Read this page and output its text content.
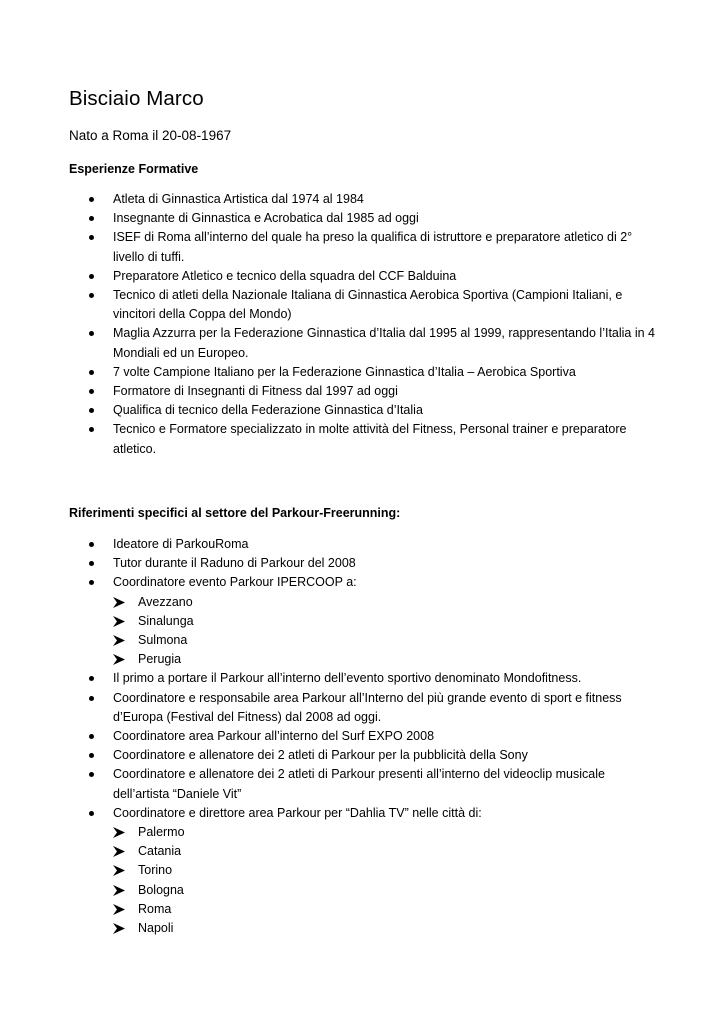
Bisciaio Marco

Nato a Roma il 20-08-1967

Esperienze Formative
Atleta di Ginnastica Artistica dal 1974 al 1984
Insegnante di Ginnastica e Acrobatica dal 1985 ad oggi
ISEF di Roma all’interno del quale ha preso la qualifica di istruttore e preparatore atletico di 2°
livello di tuffi.
Preparatore Atletico e tecnico della squadra del CCF Balduina
Tecnico di atleti della Nazionale Italiana di Ginnastica Aerobica Sportiva (Campioni Italiani, e
vincitori della Coppa del Mondo)
Maglia Azzurra per la Federazione Ginnastica d’Italia dal 1995 al 1999, rappresentando l’Italia in 4
Mondiali ed un Europeo.
7 volte Campione Italiano per la Federazione Ginnastica d’Italia – Aerobica Sportiva
Formatore di Insegnanti di Fitness dal 1997 ad oggi
Qualifica di tecnico della Federazione Ginnastica d’Italia
Tecnico e Formatore specializzato in molte attività del Fitness, Personal trainer e preparatore
atletico.
Riferimenti specifici al settore del Parkour-Freerunning:
Ideatore di ParkouRoma
Tutor durante il Raduno di Parkour del 2008
Coordinatore evento Parkour IPERCOOP a:
Avezzano
Sinalunga
Sulmona
Perugia
Il primo a portare il Parkour all’interno dell’evento sportivo denominato Mondofitness.
Coordinatore e responsabile area Parkour all’Interno del più grande evento di sport e fitness
d’Europa (Festival del Fitness) dal 2008 ad oggi.
Coordinatore area Parkour all’interno del Surf EXPO 2008
Coordinatore e allenatore dei 2 atleti di Parkour per la pubblicità della Sony
Coordinatore e allenatore dei 2 atleti di Parkour presenti all’interno del videoclip musicale
dell’artista “Daniele Vit”
Coordinatore e direttore area Parkour per “Dahlia TV” nelle città di:
Palermo
Catania
Torino
Bologna
Roma
Napoli
